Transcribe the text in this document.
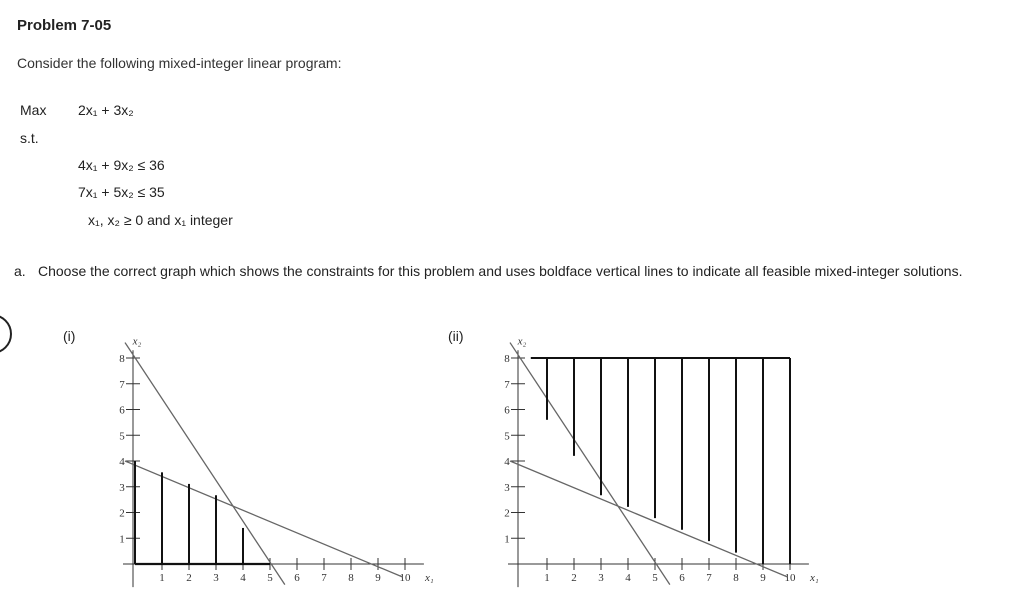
Problem 7-05
Consider the following mixed-integer linear program:
Max 2x₁ + 3x₂
s.t.
4x₁ + 9x₂ ≤ 36
7x₁ + 5x₂ ≤ 35
x₁, x₂ ≥ 0 and x₁ integer
a. Choose the correct graph which shows the constraints for this problem and uses boldface vertical lines to indicate all feasible mixed-integer solutions.
(i)	(ii)
1 2 3 4 5 6 7 8 9 10
1
2
3
4
5
6
7
8
x₁
x₂
1 2 3 4 5 6 7 8 9 10
1
2
3
4
5
6
7
8
x₁
x₂
